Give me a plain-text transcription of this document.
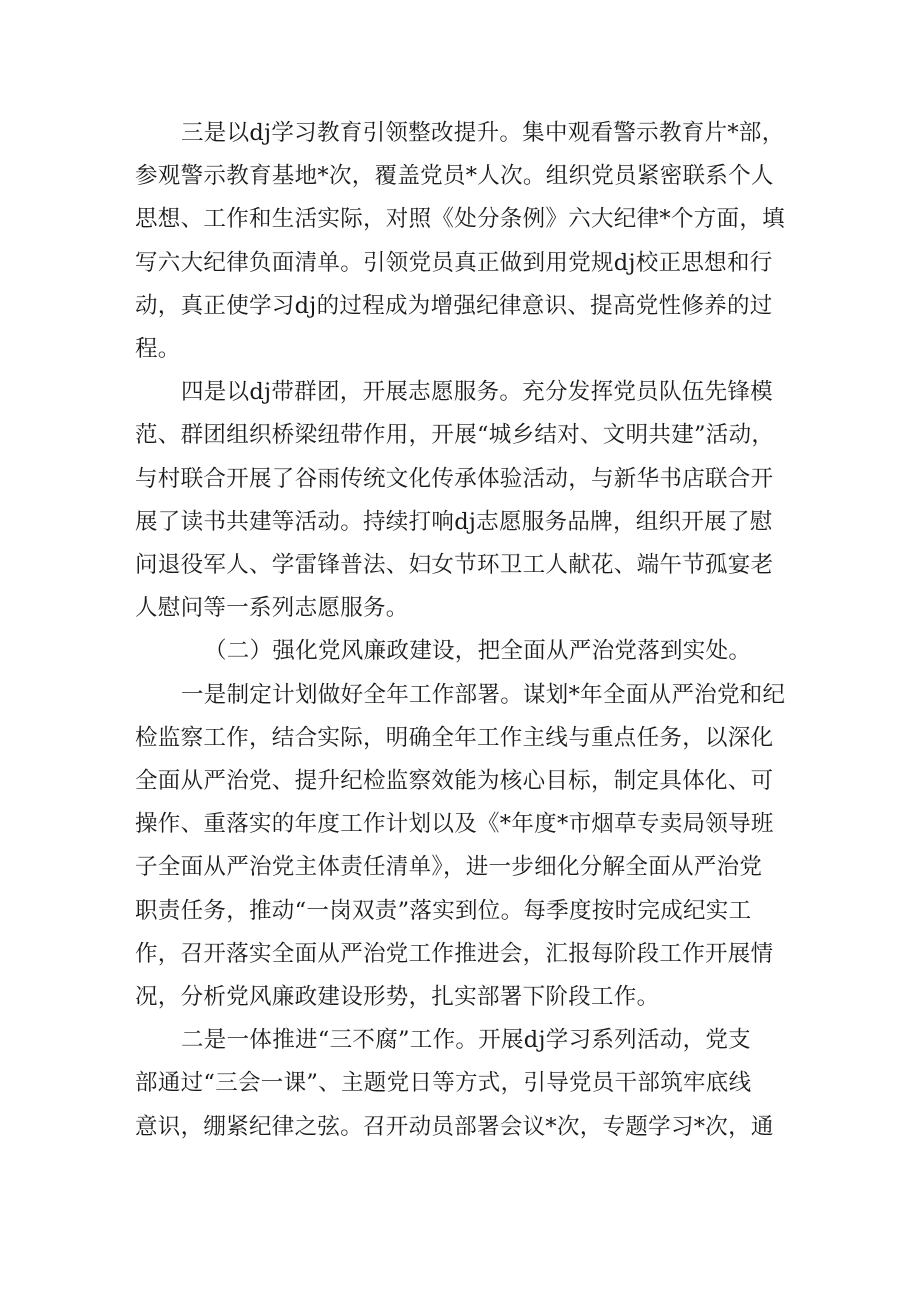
三是以dj学习教育引领整改提升。集中观看警示教育片*部，
参观警示教育基地*次，覆盖党员*人次。组织党员紧密联系个人
思想、工作和生活实际，对照《处分条例》六大纪律*个方面，填
写六大纪律负面清单。引领党员真正做到用党规dj校正思想和行
动，真正使学习dj的过程成为增强纪律意识、提高党性修养的过
程。
四是以dj带群团，开展志愿服务。充分发挥党员队伍先锋模
范、群团组织桥梁纽带作用，开展“城乡结对、文明共建”活动，
与村联合开展了谷雨传统文化传承体验活动，与新华书店联合开
展了读书共建等活动。持续打响dj志愿服务品牌，组织开展了慰
问退役军人、学雷锋普法、妇女节环卫工人献花、端午节孤宴老
人慰问等一系列志愿服务。
（二）强化党风廉政建设，把全面从严治党落到实处。
一是制定计划做好全年工作部署。谋划*年全面从严治党和纪
检监察工作，结合实际，明确全年工作主线与重点任务，以深化
全面从严治党、提升纪检监察效能为核心目标，制定具体化、可
操作、重落实的年度工作计划以及《*年度*市烟草专卖局领导班
子全面从严治党主体责任清单》，进一步细化分解全面从严治党
职责任务，推动“一岗双责”落实到位。每季度按时完成纪实工
作，召开落实全面从严治党工作推进会，汇报每阶段工作开展情
况，分析党风廉政建设形势，扎实部署下阶段工作。
二是一体推进“三不腐”工作。开展dj学习系列活动，党支
部通过“三会一课”、主题党日等方式，引导党员干部筑牢底线
意识，绷紧纪律之弦。召开动员部署会议*次，专题学习*次，通
